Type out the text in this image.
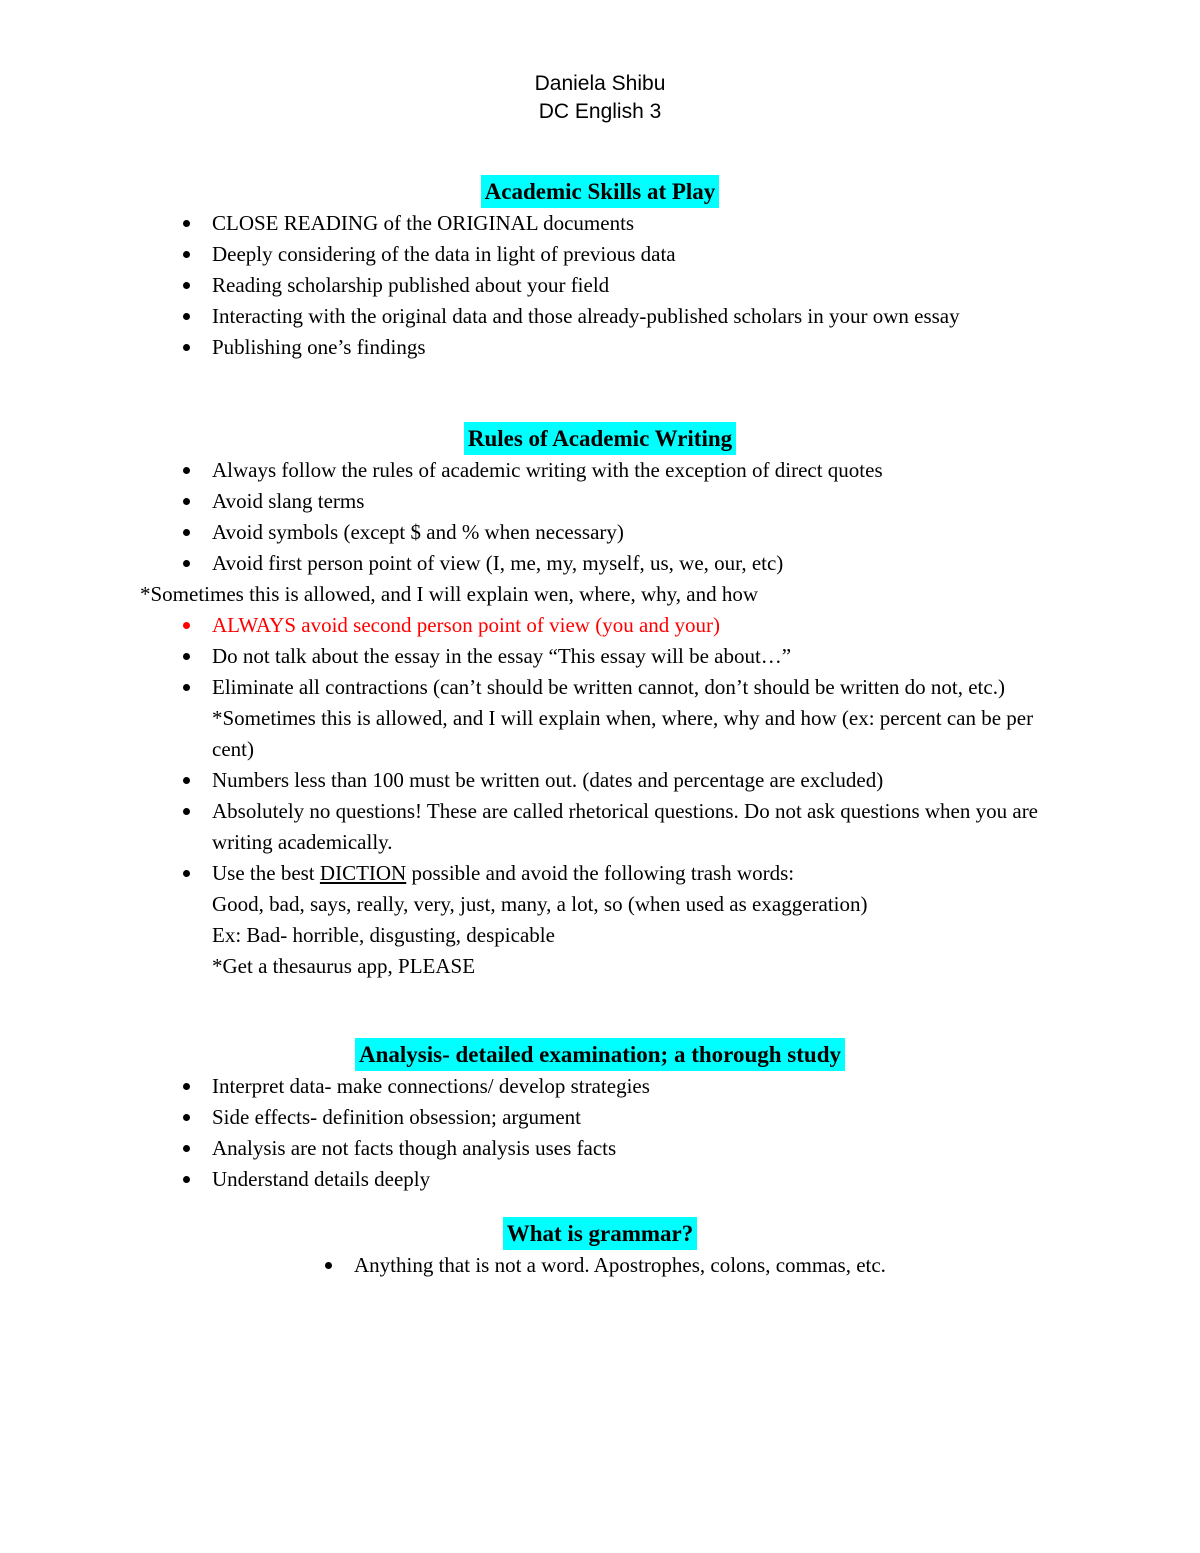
Daniela Shibu
DC English 3
Academic Skills at Play
CLOSE READING of the ORIGINAL documents
Deeply considering of the data in light of previous data
Reading scholarship published about your field
Interacting with the original data and those already-published scholars in your own essay
Publishing one’s findings
Rules of Academic Writing
Always follow the rules of academic writing with the exception of direct quotes
Avoid slang terms
Avoid symbols (except $ and % when necessary)
Avoid first person point of view (I, me, my, myself, us, we, our, etc)

*Sometimes this is allowed, and I will explain wen, where, why, and how

ALWAYS avoid second person point of view (you and your)
Do not talk about the essay in the essay “This essay will be about…”
Eliminate all contractions (can’t should be written cannot, don’t should be written do not, etc.)
*Sometimes this is allowed, and I will explain when, where, why and how (ex: percent can be per cent)
Numbers less than 100 must be written out. (dates and percentage are excluded)
Absolutely no questions! These are called rhetorical questions. Do not ask questions when you are writing academically.
Use the best DICTION possible and avoid the following trash words:
Good, bad, says, really, very, just, many, a lot, so (when used as exaggeration)
Ex: Bad- horrible, disgusting, despicable
*Get a thesaurus app, PLEASE
Analysis- detailed examination; a thorough study
Interpret data- make connections/ develop strategies
Side effects- definition obsession; argument
Analysis are not facts though analysis uses facts
Understand details deeply
What is grammar?
Anything that is not a word. Apostrophes, colons, commas, etc.
